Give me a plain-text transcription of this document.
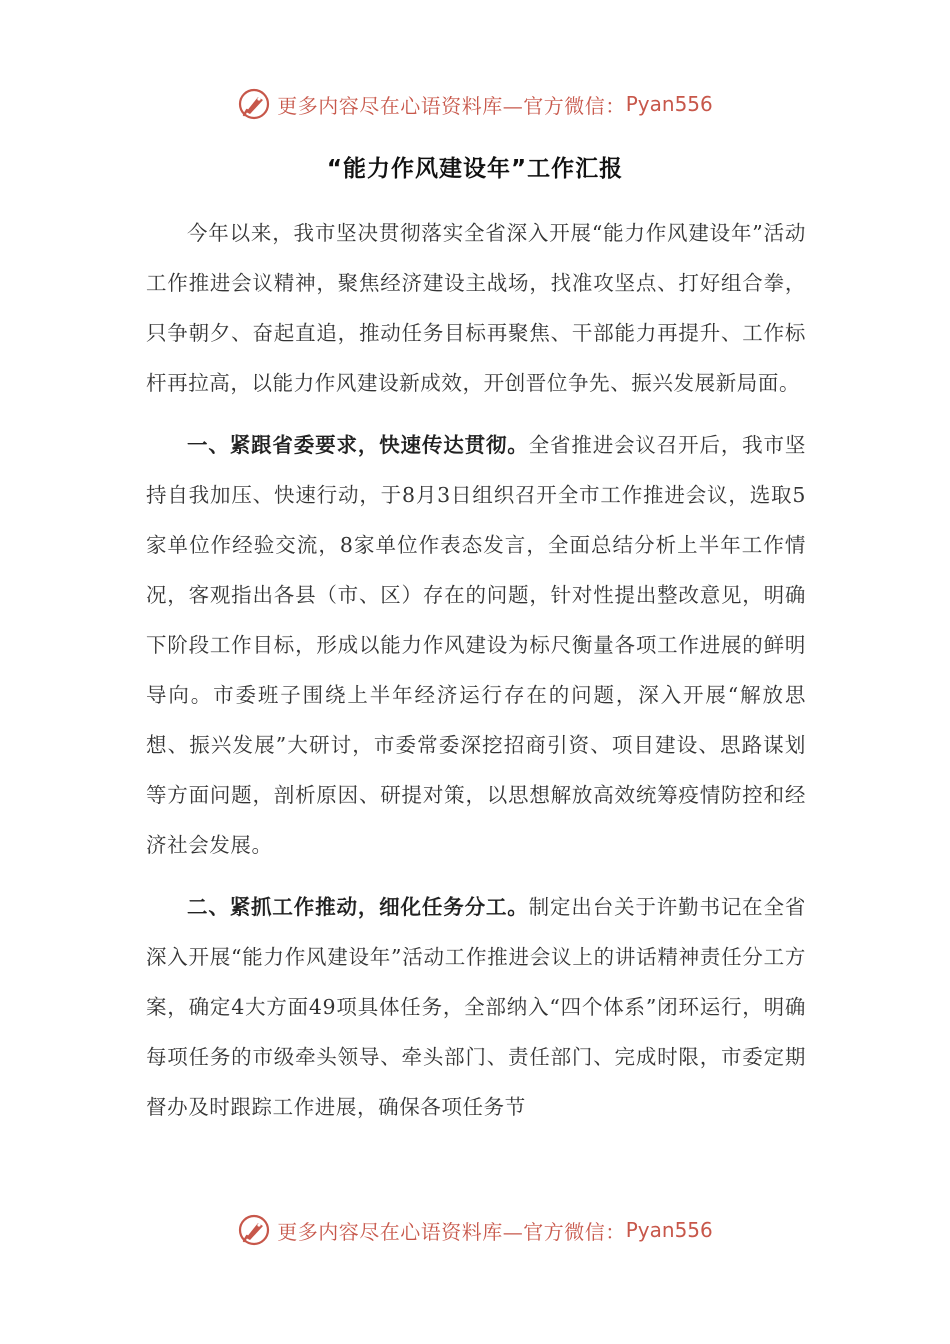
更多内容尽在心语资料库—官方微信： Pyan556
“能力作风建设年”工作汇报

今年以来，我市坚决贯彻落实全省深入开展“能力作风建设年”活动工作推进会议精神，聚焦经济建设主战场，找准攻坚点、打好组合拳，只争朝夕、奋起直追，推动任务目标再聚焦、干部能力再提升、工作标杆再拉高，以能力作风建设新成效，开创晋位争先、振兴发展新局面。

一、紧跟省委要求，快速传达贯彻。全省推进会议召开后，我市坚持自我加压、快速行动，于8月3日组织召开全市工作推进会议，选取5家单位作经验交流，8家单位作表态发言，全面总结分析上半年工作情况，客观指出各县（市、区）存在的问题，针对性提出整改意见，明确下阶段工作目标，形成以能力作风建设为标尺衡量各项工作进展的鲜明导向。市委班子围绕上半年经济运行存在的问题，深入开展“解放思想、振兴发展”大研讨，市委常委深挖招商引资、项目建设、思路谋划等方面问题，剖析原因、研提对策，以思想解放高效统筹疫情防控和经济社会发展。

二、紧抓工作推动，细化任务分工。制定出台关于许勤书记在全省深入开展“能力作风建设年”活动工作推进会议上的讲话精神责任分工方案，确定4大方面49项具体任务，全部纳入“四个体系”闭环运行，明确每项任务的市级牵头领导、牵头部门、责任部门、完成时限，市委定期督办及时跟踪工作进展，确保各项任务节

更多内容尽在心语资料库—官方微信： Pyan556
